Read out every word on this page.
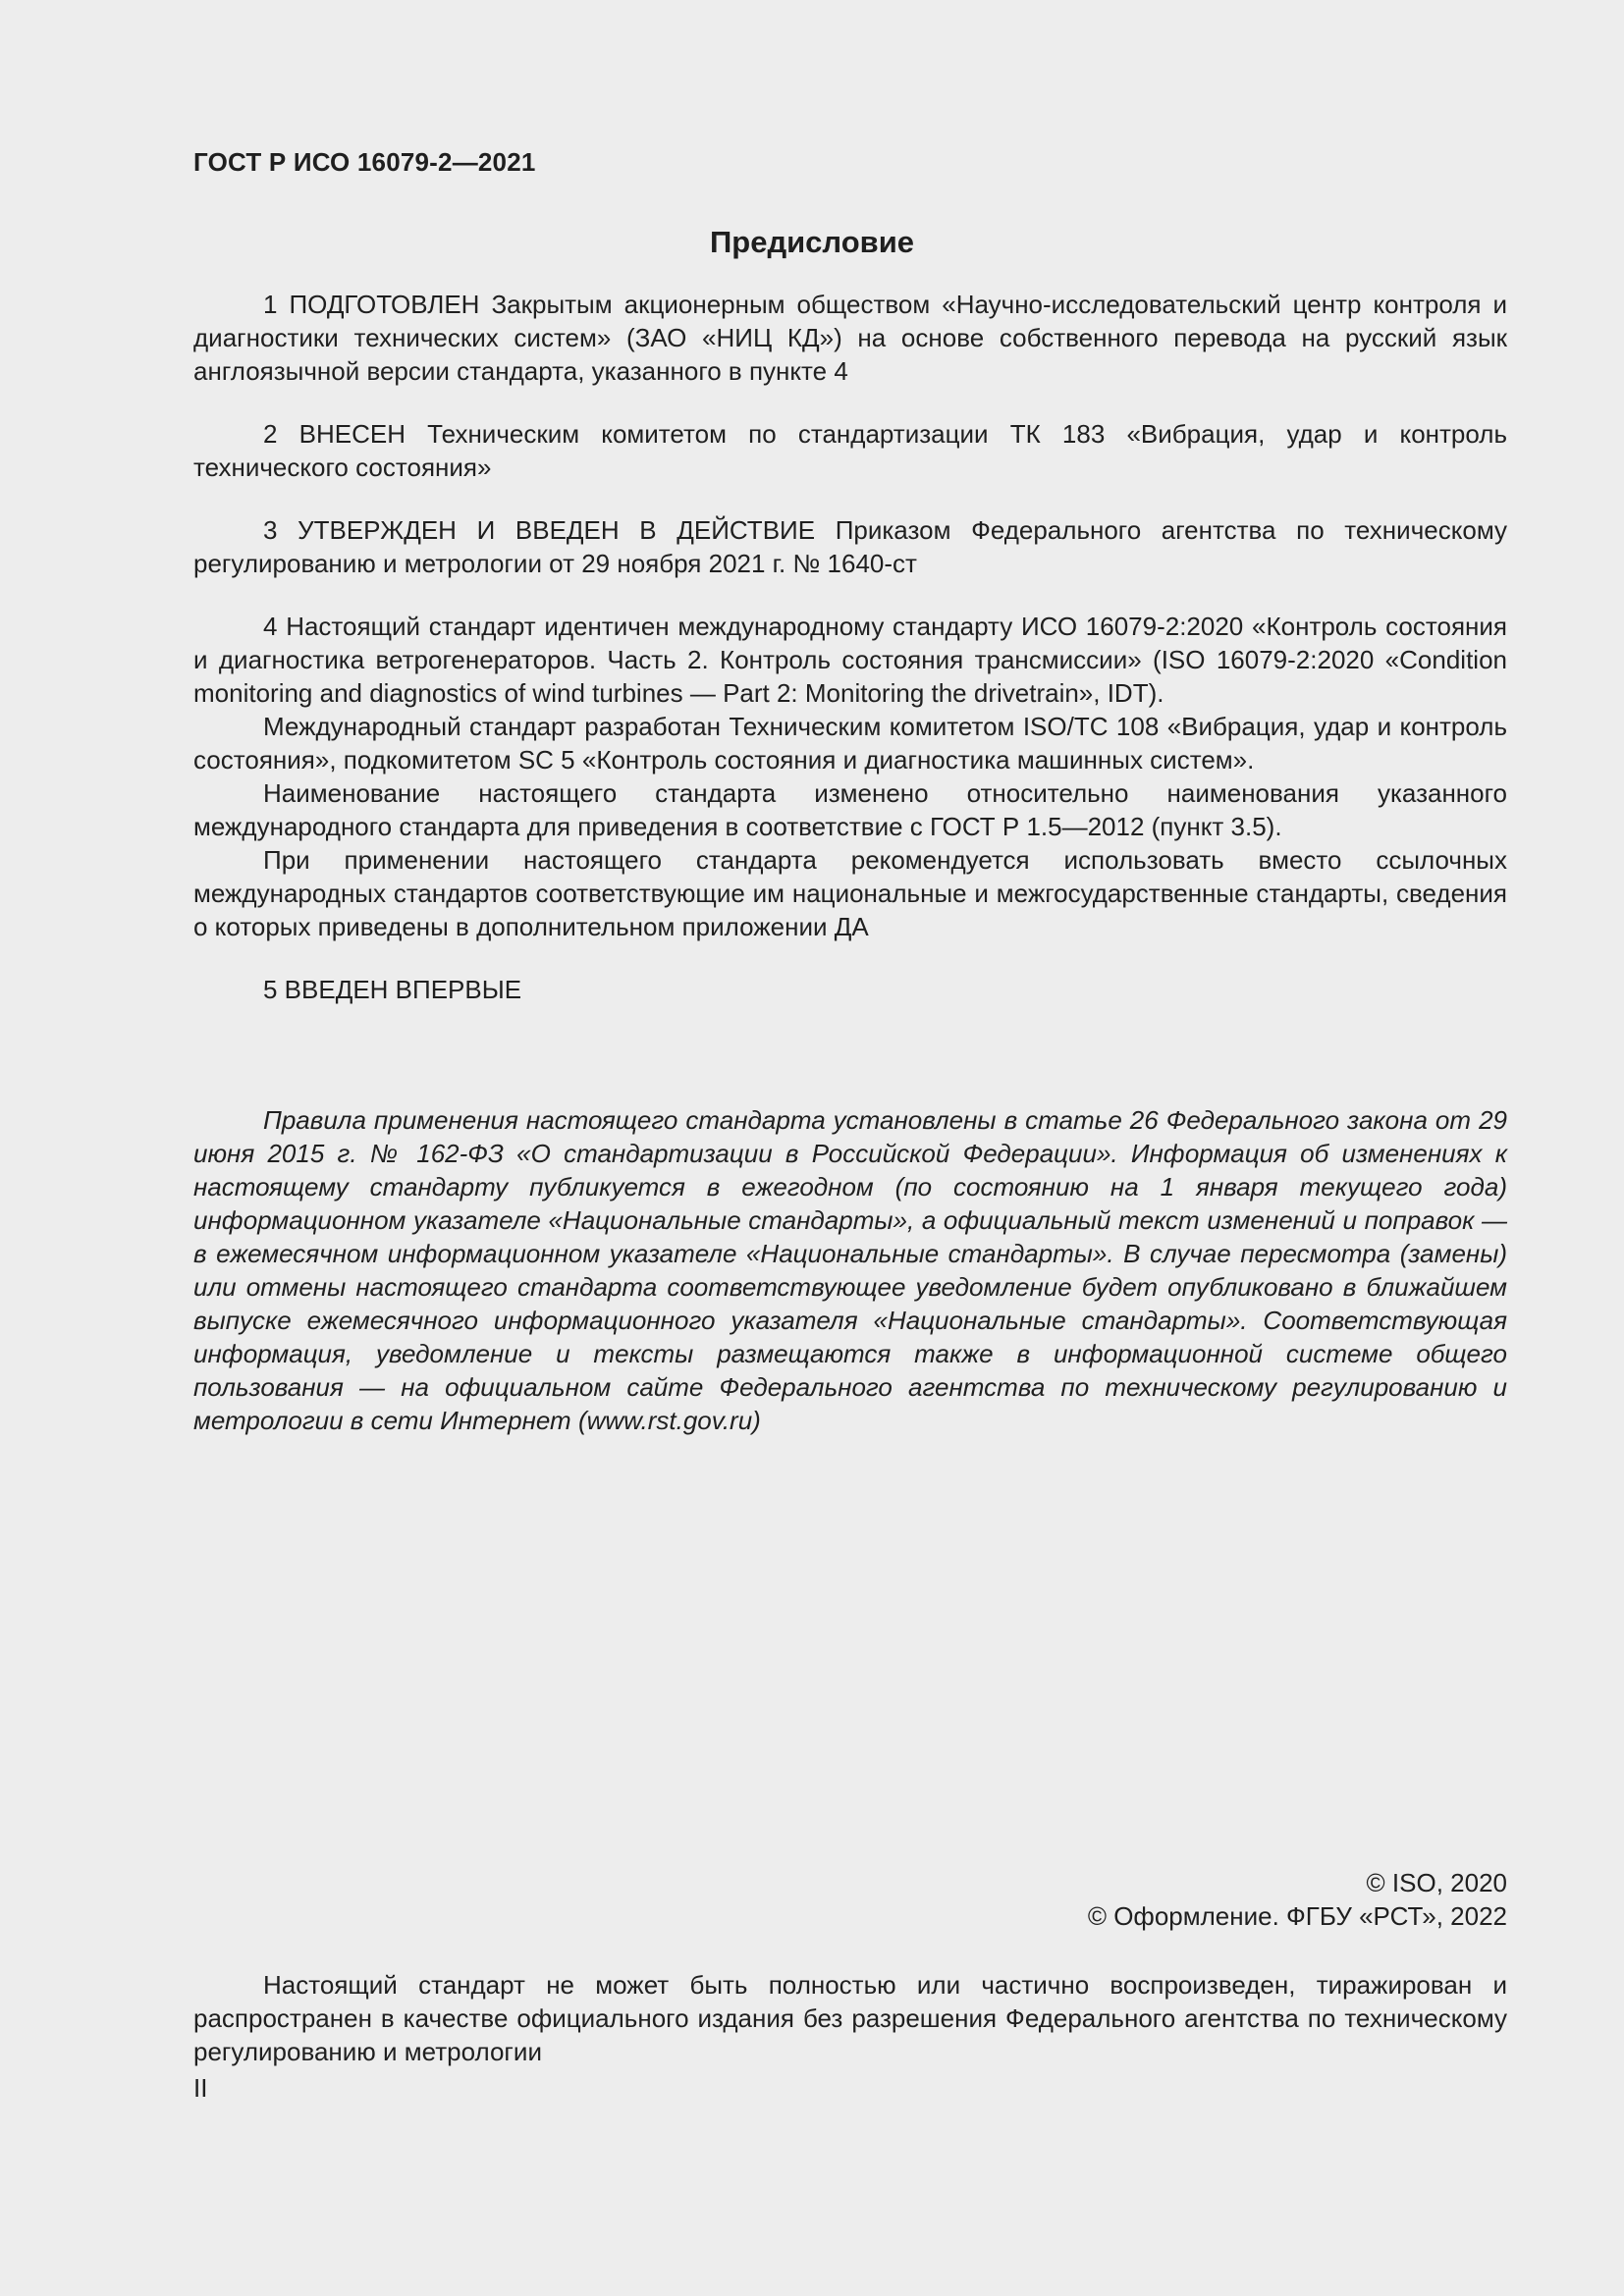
ГОСТ Р ИСО 16079-2—2021
Предисловие

1 ПОДГОТОВЛЕН Закрытым акционерным обществом «Научно-исследовательский центр контроля и диагностики технических систем» (ЗАО «НИЦ КД») на основе собственного перевода на русский язык англоязычной версии стандарта, указанного в пункте 4

2 ВНЕСЕН Техническим комитетом по стандартизации ТК 183 «Вибрация, удар и контроль технического состояния»

3 УТВЕРЖДЕН И ВВЕДЕН В ДЕЙСТВИЕ Приказом Федерального агентства по техническому регулированию и метрологии от 29 ноября 2021 г. № 1640-ст

4 Настоящий стандарт идентичен международному стандарту ИСО 16079-2:2020 «Контроль состояния и диагностика ветрогенераторов. Часть 2. Контроль состояния трансмиссии» (ISO 16079-2:2020 «Condition monitoring and diagnostics of wind turbines — Part 2: Monitoring the drivetrain», IDT).

Международный стандарт разработан Техническим комитетом ISO/TC 108 «Вибрация, удар и контроль состояния», подкомитетом SC 5 «Контроль состояния и диагностика машинных систем».

Наименование настоящего стандарта изменено относительно наименования указанного международного стандарта для приведения в соответствие с ГОСТ Р 1.5—2012 (пункт 3.5).

При применении настоящего стандарта рекомендуется использовать вместо ссылочных международных стандартов соответствующие им национальные и межгосударственные стандарты, сведения о которых приведены в дополнительном приложении ДА

5 ВВЕДЕН ВПЕРВЫЕ

Правила применения настоящего стандарта установлены в статье 26 Федерального закона от 29 июня 2015 г. № 162-ФЗ «О стандартизации в Российской Федерации». Информация об изменениях к настоящему стандарту публикуется в ежегодном (по состоянию на 1 января текущего года) информационном указателе «Национальные стандарты», а официальный текст изменений и поправок — в ежемесячном информационном указателе «Национальные стандарты». В случае пересмотра (замены) или отмены настоящего стандарта соответствующее уведомление будет опубликовано в ближайшем выпуске ежемесячного информационного указателя «Национальные стандарты». Соответствующая информация, уведомление и тексты размещаются также в информационной системе общего пользования — на официальном сайте Федерального агентства по техническому регулированию и метрологии в сети Интернет (www.rst.gov.ru)

© ISO, 2020
© Оформление. ФГБУ «РСТ», 2022

Настоящий стандарт не может быть полностью или частично воспроизведен, тиражирован и распространен в качестве официального издания без разрешения Федерального агентства по техническому регулированию и метрологии

II
